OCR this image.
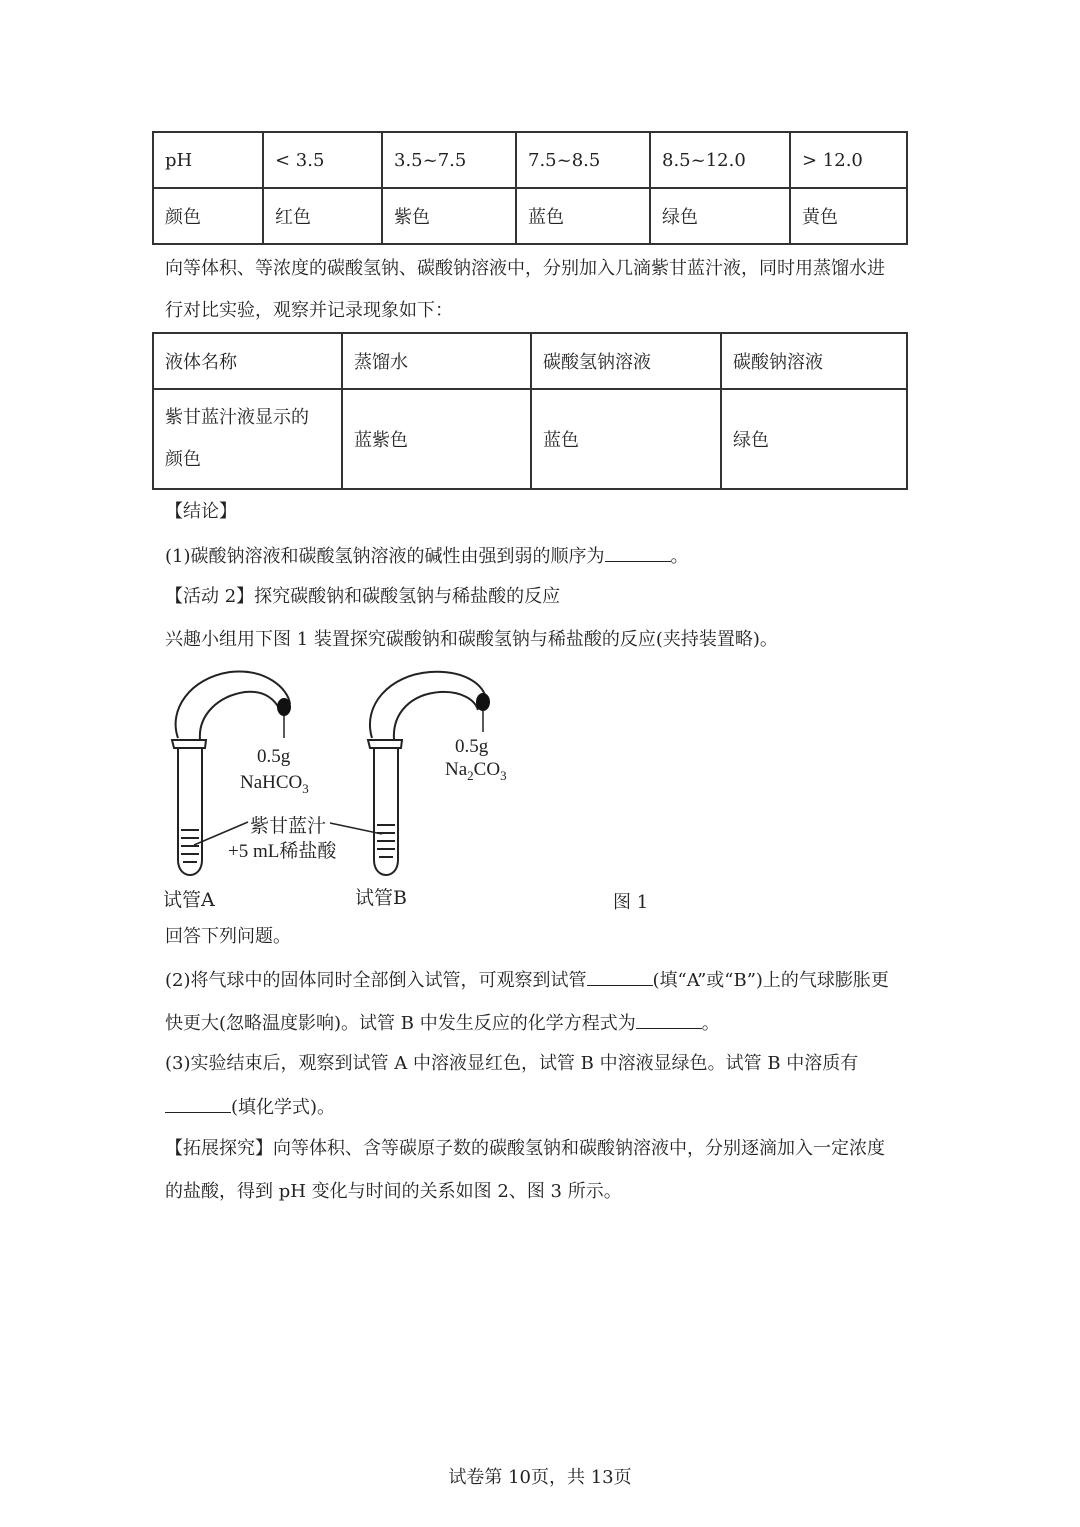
pH	< 3.5	3.5~7.5	7.5~8.5	8.5~12.0	> 12.0
颜色	红色	紫色	蓝色	绿色	黄色
向等体积、等浓度的碳酸氢钠、碳酸钠溶液中，分别加入几滴紫甘蓝汁液，同时用蒸馏水进
行对比实验，观察并记录现象如下：
液体名称	蒸馏水	碳酸氢钠溶液	碳酸钠溶液
紫甘蓝汁液显示的
颜色	蓝紫色	蓝色	绿色
【结论】
(1)碳酸钠溶液和碳酸氢钠溶液的碱性由强到弱的顺序为	。
【活动 2】探究碳酸钠和碳酸氢钠与稀盐酸的反应
兴趣小组用下图 1 装置探究碳酸钠和碳酸氢钠与稀盐酸的反应(夹持装置略)。
0.5g
NaHCO$_3$
0.5g
$Na_2CO_3$
紫甘蓝汁
+5 mL稀盐酸
试管A	试管B	图 1
回答下列问题。
(2)将气球中的固体同时全部倒入试管，可观察到试管	(填“A”或“B”)上的气球膨胀更
快更大(忽略温度影响)。试管 B 中发生反应的化学方程式为	。
(3)实验结束后，观察到试管 A 中溶液显红色，试管 B 中溶液显绿色。试管 B 中溶质有
(填化学式)。
【拓展探究】向等体积、含等碳原子数的碳酸氢钠和碳酸钠溶液中，分别逐滴加入一定浓度
的盐酸，得到 pH 变化与时间的关系如图 2、图 3 所示。
试卷第 10页，共 13页
